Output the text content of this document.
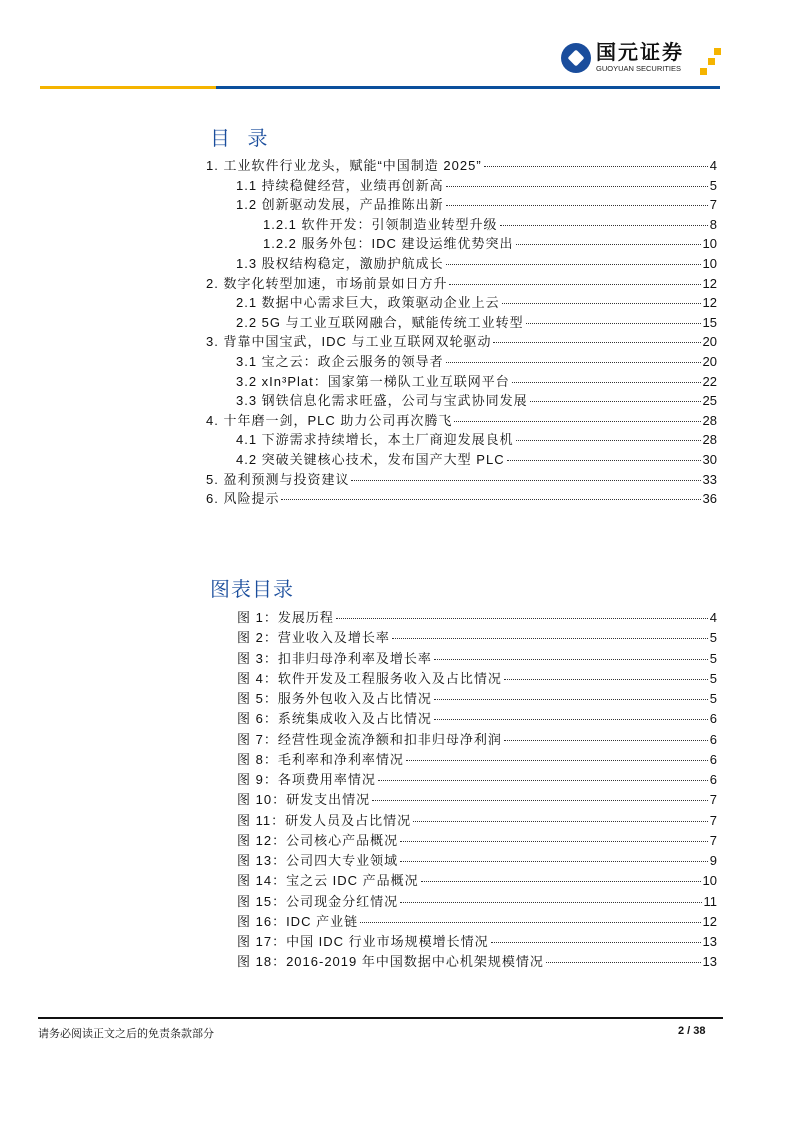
国元证券
GUOYUAN SECURITIES
目 录
1. 工业软件行业龙头，赋能“中国制造 2025”	4
1.1 持续稳健经营，业绩再创新高	5
1.2 创新驱动发展，产品推陈出新	7
1.2.1 软件开发：引领制造业转型升级	8
1.2.2 服务外包：IDC 建设运维优势突出	10
1.3 股权结构稳定，激励护航成长	10
2. 数字化转型加速，市场前景如日方升	12
2.1 数据中心需求巨大，政策驱动企业上云	12
2.2 5G 与工业互联网融合，赋能传统工业转型	15
3. 背靠中国宝武，IDC 与工业互联网双轮驱动	20
3.1 宝之云：政企云服务的领导者	20
3.2 xIn³Plat：国家第一梯队工业互联网平台	22
3.3 钢铁信息化需求旺盛，公司与宝武协同发展	25
4. 十年磨一剑，PLC 助力公司再次腾飞	28
4.1 下游需求持续增长，本土厂商迎发展良机	28
4.2 突破关键核心技术，发布国产大型 PLC	30
5. 盈利预测与投资建议	33
6. 风险提示	36
图表目录
图 1：发展历程	4
图 2：营业收入及增长率	5
图 3：扣非归母净利率及增长率	5
图 4：软件开发及工程服务收入及占比情况	5
图 5：服务外包收入及占比情况	5
图 6：系统集成收入及占比情况	6
图 7：经营性现金流净额和扣非归母净利润	6
图 8：毛利率和净利率情况	6
图 9：各项费用率情况	6
图 10：研发支出情况	7
图 11：研发人员及占比情况	7
图 12：公司核心产品概况	7
图 13：公司四大专业领域	9
图 14：宝之云 IDC 产品概况	10
图 15：公司现金分红情况	11
图 16：IDC 产业链	12
图 17：中国 IDC 行业市场规模增长情况	13
图 18：2016-2019 年中国数据中心机架规模情况	13
请务必阅读正文之后的免责条款部分	2 / 38
